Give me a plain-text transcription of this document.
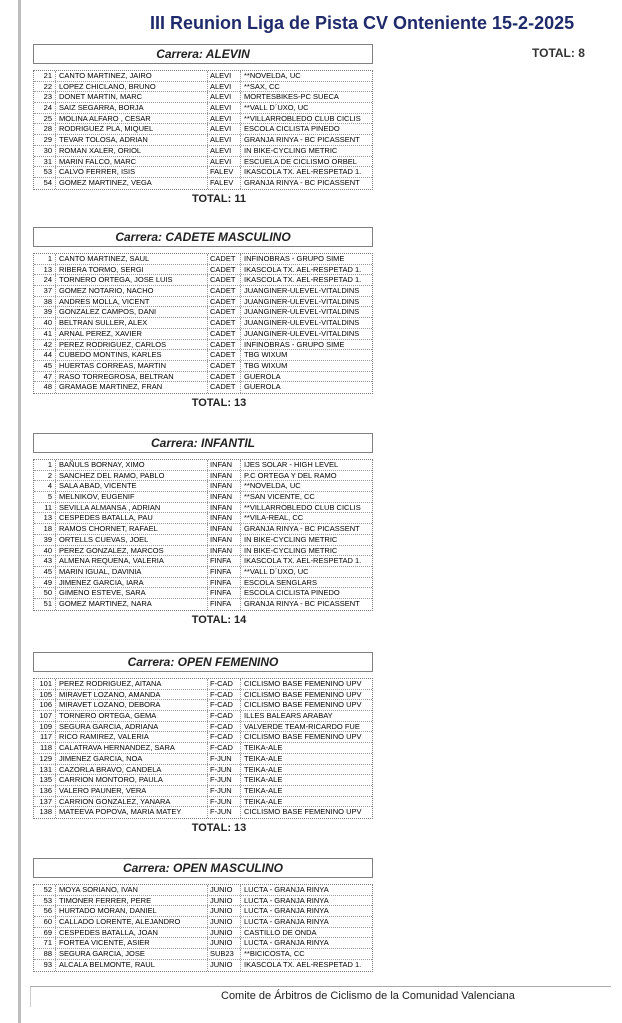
III Reunion Liga de Pista CV Onteniente 15-2-2025
TOTAL: 8
Carrera: ALEVIN
21 CANTO MARTINEZ, JAIRO	ALEVI	**NOVELDA, UC
22 LOPEZ CHICLANO, BRUNO	ALEVI	**SAX, CC
23 DONET MARTIN, MARC	ALEVI	MORTESBIKES-PC SUECA
24 SAIZ SEGARRA, BORJA	ALEVI	**VALL D´UXO, UC
25 MOLINA ALFARO , CESAR	ALEVI	**VILLARROBLEDO CLUB CICLIS
28 RODRIGUEZ PLA, MIQUEL	ALEVI	ESCOLA CICLISTA PINEDO
29 TEVAR TOLOSA, ADRIAN	ALEVI	GRANJA RINYA - BC PICASSENT
30 ROMAN XALER, ORIOL	ALEVI	IN BIKE-CYCLING METRIC
31 MARIN FALCO, MARC	ALEVI	ESCUELA DE CICLISMO ORBEL
53 CALVO FERRER, ISIS	FALEV	IKASCOLA TX. AEL-RESPETAD 1.
54 GOMEZ MARTINEZ, VEGA	FALEV	GRANJA RINYA - BC PICASSENT
TOTAL: 11
Carrera: CADETE MASCULINO
1 CANTO MARTINEZ, SAUL	CADET	INFINOBRAS - GRUPO SIME
13 RIBERA TORMO, SERGI	CADET	IKASCOLA TX. AEL-RESPETAD 1.
24 TORNERO ORTEGA, JOSE LUIS	CADET	IKASCOLA TX. AEL-RESPETAD 1.
37 GOMEZ NOTARIO, NACHO	CADET	JUANGINER-ULEVEL-VITALDINS
38 ANDRES MOLLA, VICENT	CADET	JUANGINER-ULEVEL-VITALDINS
39 GONZALEZ CAMPOS, DANI	CADET	JUANGINER-ULEVEL-VITALDINS
40 BELTRAN SULLER, ALEX	CADET	JUANGINER-ULEVEL-VITALDINS
41 ARNAL PEREZ, XAVIER	CADET	JUANGINER-ULEVEL-VITALDINS
42 PEREZ RODRIGUEZ, CARLOS	CADET	INFINOBRAS - GRUPO SIME
44 CUBEDO MONTINS, KARLES	CADET	TBG WIXUM
45 HUERTAS CORREAS, MARTIN	CADET	TBG WIXUM
47 RASO TORREGROSA, BELTRAN	CADET	GUEROLA
48 GRAMAGE MARTINEZ, FRAN	CADET	GUEROLA
TOTAL: 13
Carrera: INFANTIL
1 BAÑULS BORNAY, XIMO	INFAN	IJES SOLAR - HIGH LEVEL
2 SANCHEZ DEL RAMO, PABLO	INFAN	P.C ORTEGA Y DEL RAMO
4 SALA ABAD, VICENTE	INFAN	**NOVELDA, UC
5 MELNIKOV, EUGENIF	INFAN	**SAN VICENTE, CC
11 SEVILLA ALMANSA , ADRIAN	INFAN	**VILLARROBLEDO CLUB CICLIS
13 CESPEDES BATALLA, PAU	INFAN	**VILA-REAL, CC
18 RAMOS CHORNET, RAFAEL	INFAN	GRANJA RINYA - BC PICASSENT
39 ORTELLS CUEVAS, JOEL	INFAN	IN BIKE-CYCLING METRIC
40 PEREZ GONZALEZ, MARCOS	INFAN	IN BIKE-CYCLING METRIC
43 ALMENA REQUENA, VALERIA	FINFA	IKASCOLA TX. AEL-RESPETAD 1.
45 MARIN IGUAL, DAVINIA	FINFA	**VALL D´UXO, UC
49 JIMENEZ GARCIA, IARA	FINFA	ESCOLA SENGLARS
50 GIMENO ESTEVE, SARA	FINFA	ESCOLA CICLISTA PINEDO
51 GOMEZ MARTINEZ, NARA	FINFA	GRANJA RINYA - BC PICASSENT
TOTAL: 14
Carrera: OPEN FEMENINO
101 PEREZ RODRIGUEZ, AITANA	F-CAD	CICLISMO BASE FEMENINO UPV
105 MIRAVET LOZANO, AMANDA	F-CAD	CICLISMO BASE FEMENINO UPV
106 MIRAVET LOZANO, DEBORA	F-CAD	CICLISMO BASE FEMENINO UPV
107 TORNERO ORTEGA, GEMA	F-CAD	ILLES BALEARS ARABAY
109 SEGURA GARCIA, ADRIANA	F-CAD	VALVERDE TEAM-RICARDO FUE
117 RICO RAMIREZ, VALERIA	F-CAD	CICLISMO BASE FEMENINO UPV
118 CALATRAVA HERNANDEZ, SARA	F-CAD	TEIKA-ALE
129 JIMENEZ GARCIA, NOA	F-JUN	TEIKA-ALE
131 CAZORLA BRAVO, CANDELA	F-JUN	TEIKA-ALE
135 CARRION MONTORO, PAULA	F-JUN	TEIKA-ALE
136 VALERO PAUNER, VERA	F-JUN	TEIKA-ALE
137 CARRION GONZALEZ, YANARA	F-JUN	TEIKA-ALE
138 MATEEVA POPOVA, MARIA MATEY	F-JUN	CICLISMO BASE FEMENINO UPV
TOTAL: 13
Carrera: OPEN MASCULINO
52 MOYA SORIANO, IVAN	JUNIO	LUCTA - GRANJA RINYA
53 TIMONER FERRER, PERE	JUNIO	LUCTA - GRANJA RINYA
56 HURTADO MORAN, DANIEL	JUNIO	LUCTA - GRANJA RINYA
60 CALLADO LORENTE, ALEJANDRO	JUNIO	LUCTA - GRANJA RINYA
69 CESPEDES BATALLA, JOAN	JUNIO	CASTILLO DE ONDA
71 FORTEA VICENTE, ASIER	JUNIO	LUCTA - GRANJA RINYA
88 SEGURA GARCIA, JOSE	SUB23	**BICICOSTA, CC
93 ALCALA BELMONTE, RAUL	JUNIO	IKASCOLA TX. AEL-RESPETAD 1.
Comite de Árbitros de Ciclismo de la Comunidad Valenciana
